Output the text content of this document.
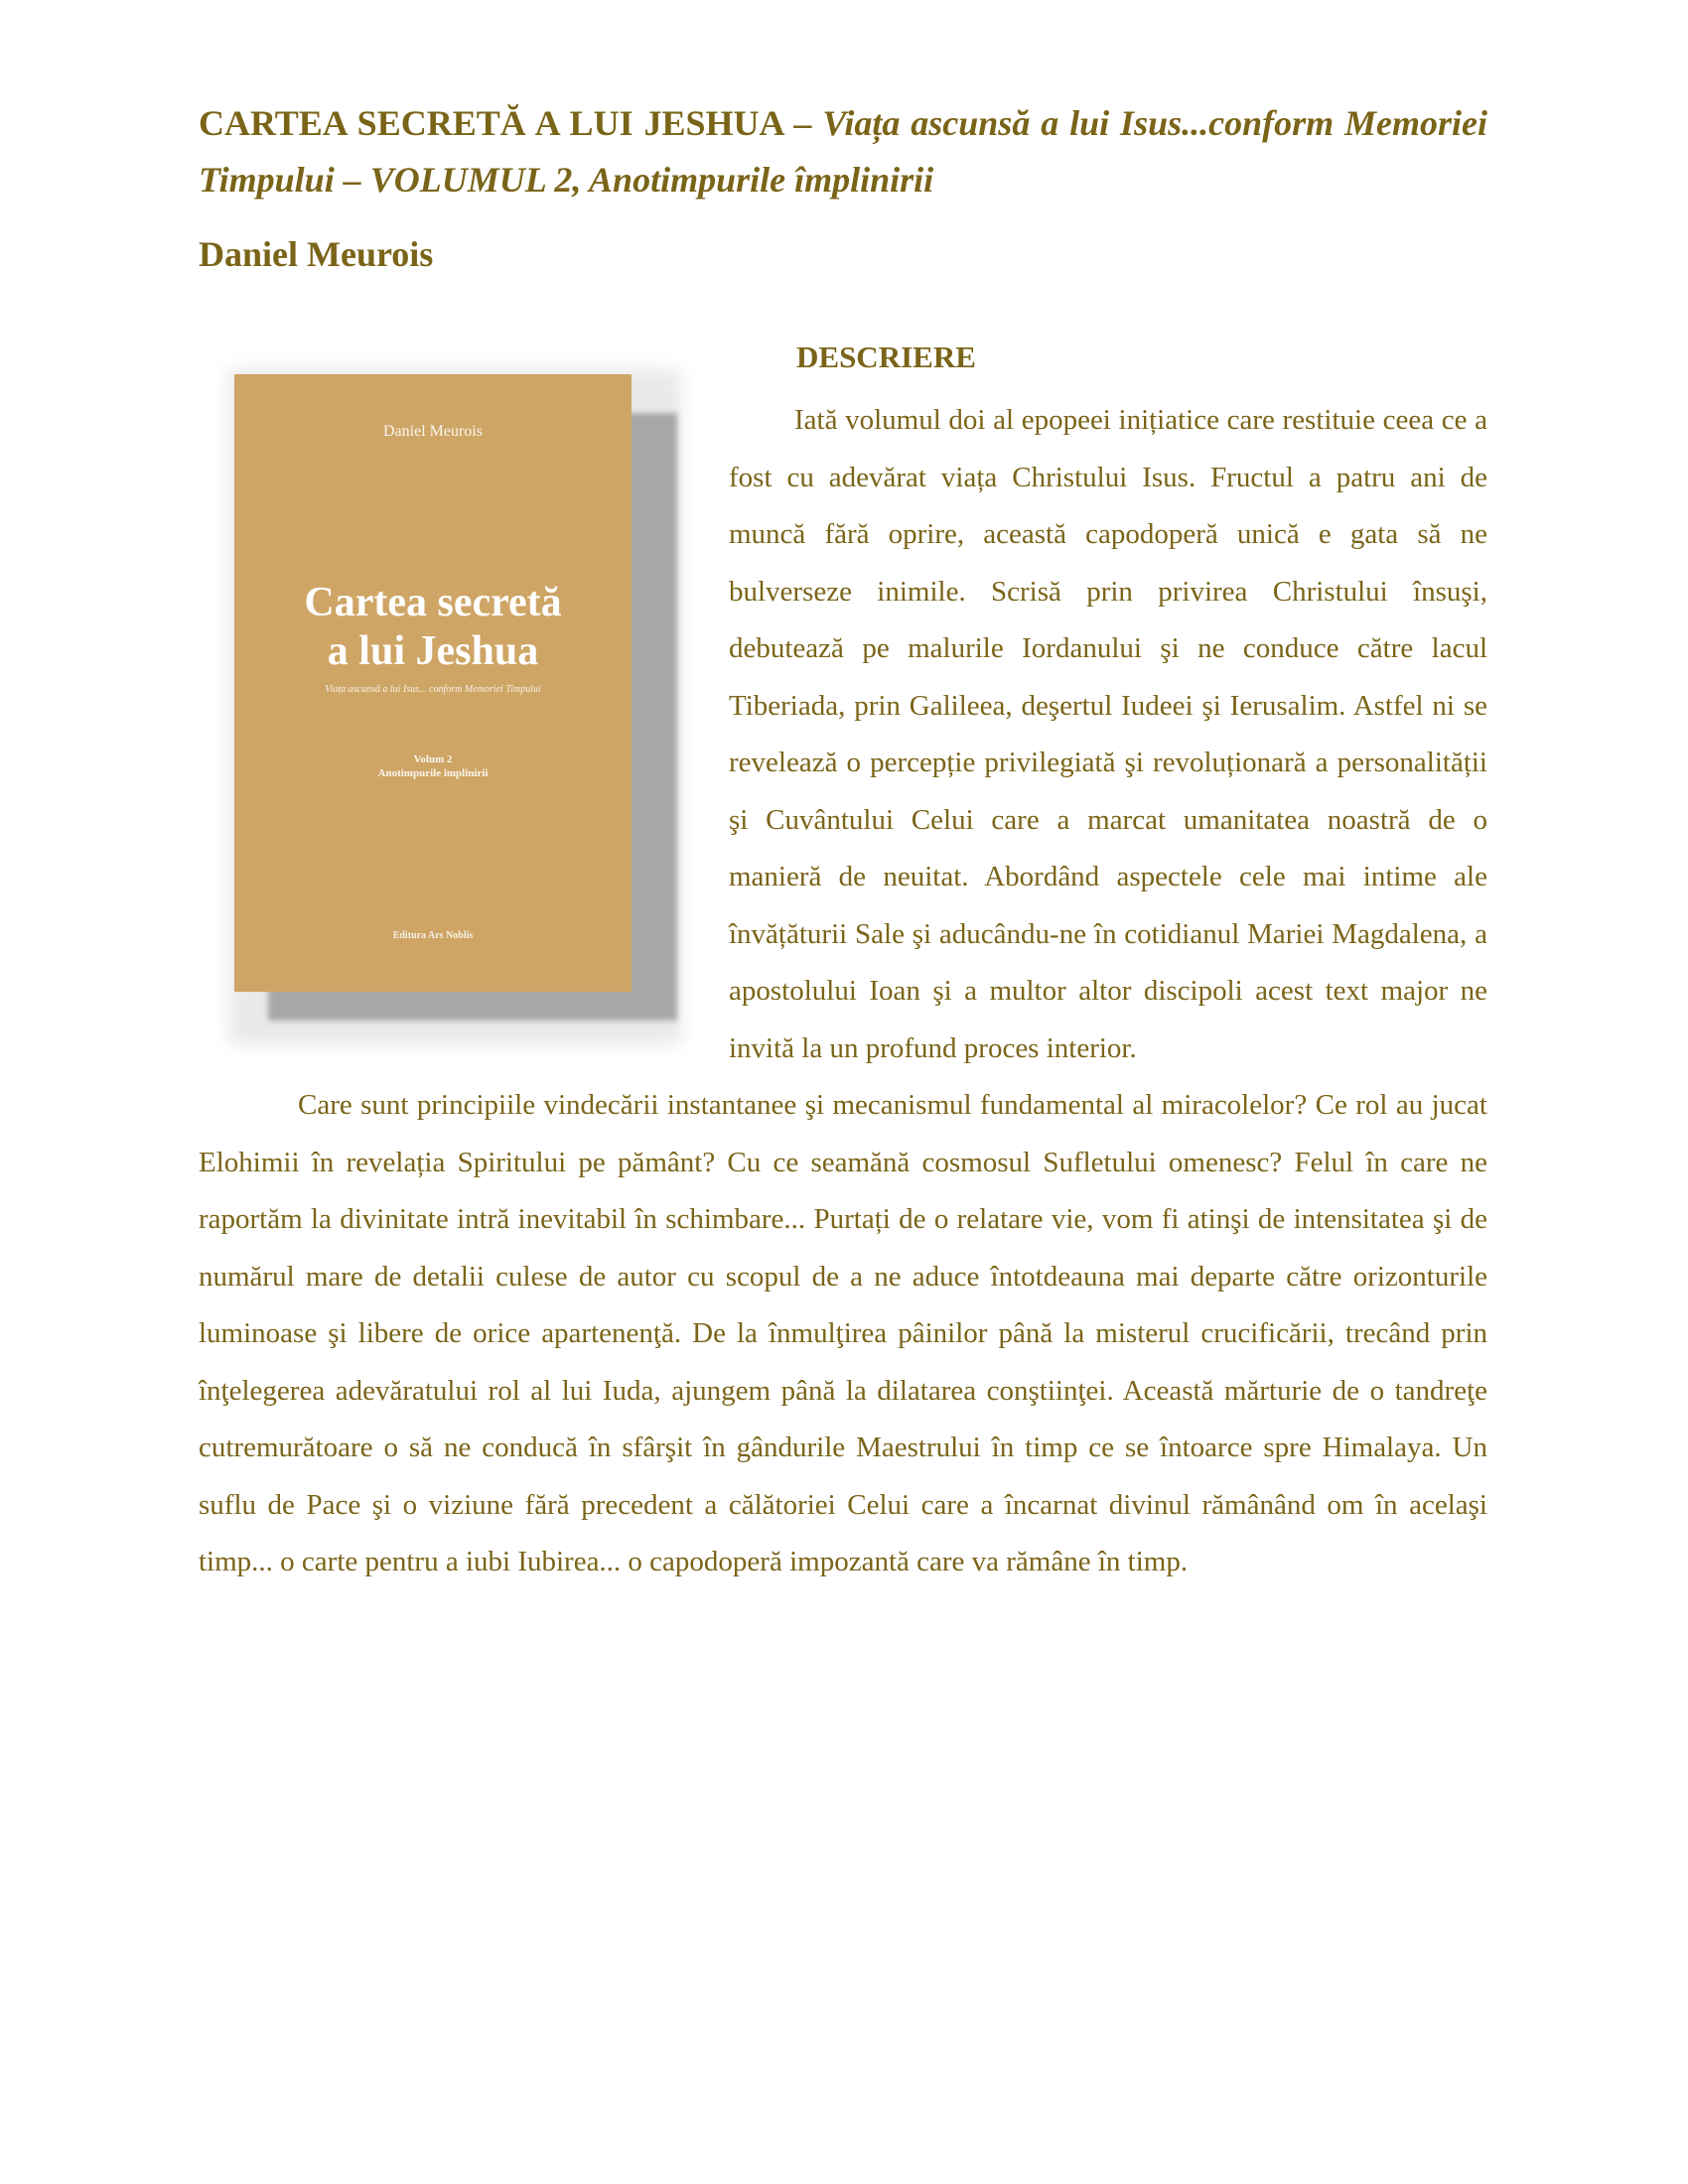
CARTEA SECRETĂ A LUI JESHUA – Viața ascunsă a lui Isus...conform Memoriei Timpului – VOLUMUL 2, Anotimpurile împlinirii

Daniel Meurois

Daniel Meurois
Cartea secretă
a lui Jeshua
Viața ascunsă a lui Isus... conform Memoriei Timpului
Volum 2
Anotimpurile împlinirii
Editura Ars Noblis

DESCRIERE

Iată volumul doi al epopeei inițiatice care restituie ceea ce a fost cu adevărat viața Christului Isus. Fructul a patru ani de muncă fără oprire, această capodoperă unică e gata să ne bulverseze inimile. Scrisă prin privirea Christului însuşi, debutează pe malurile Iordanului şi ne conduce către lacul Tiberiada, prin Galileea, deşertul Iudeei şi Ierusalim. Astfel ni se revelează o percepție privilegiată şi revoluționară a personalității şi Cuvântului Celui care a marcat umanitatea noastră de o manieră de neuitat. Abordând aspectele cele mai intime ale învățăturii Sale şi aducându-ne în cotidianul Mariei Magdalena, a apostolului Ioan şi a multor altor discipoli acest text major ne invită la un profund proces interior.

Care sunt principiile vindecării instantanee şi mecanismul fundamental al miracolelor? Ce rol au jucat Elohimii în revelația Spiritului pe pământ? Cu ce seamănă cosmosul Sufletului omenesc? Felul în care ne raportăm la divinitate intră inevitabil în schimbare... Purtați de o relatare vie, vom fi atinşi de intensitatea şi de numărul mare de detalii culese de autor cu scopul de a ne aduce întotdeauna mai departe către orizonturile luminoase şi libere de orice apartenenţă. De la înmulţirea pâinilor până la misterul crucificării, trecând prin înţelegerea adevăratului rol al lui Iuda, ajungem până la dilatarea conştiinţei. Această mărturie de o tandreţe cutremurătoare o să ne conducă în sfârşit în gândurile Maestrului în timp ce se întoarce spre Himalaya. Un suflu de Pace şi o viziune fără precedent a călătoriei Celui care a încarnat divinul rămânând om în acelaşi timp... o carte pentru a iubi Iubirea... o capodoperă impozantă care va rămâne în timp.
